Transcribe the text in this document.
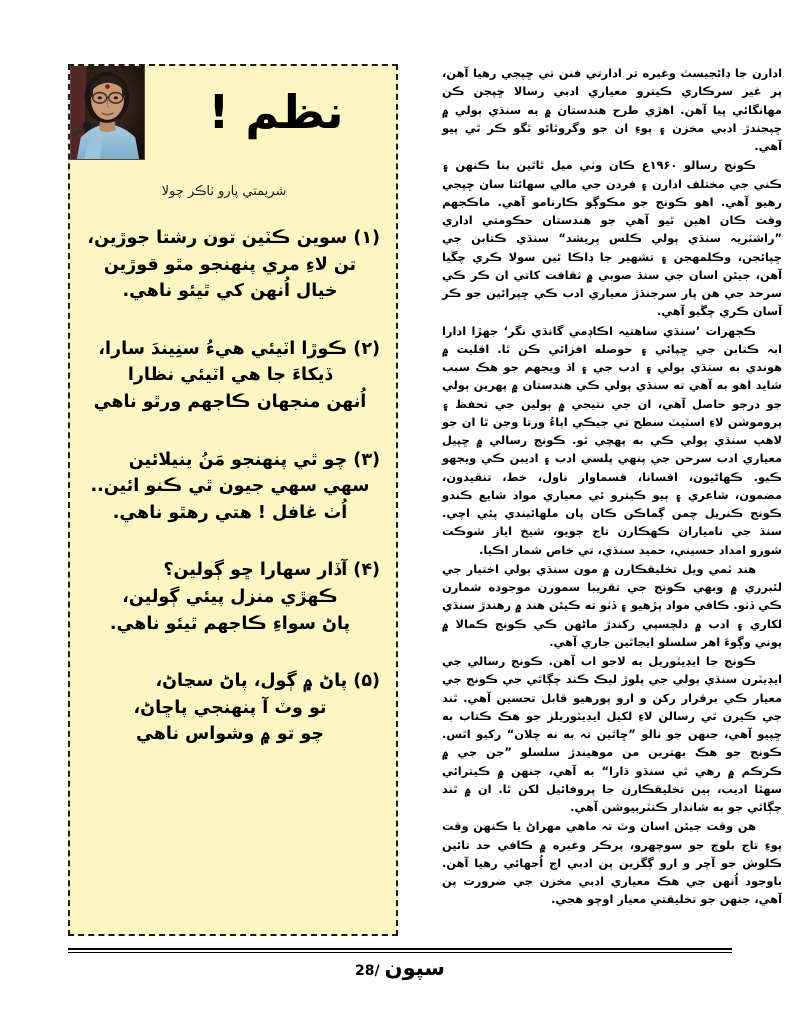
نظم !
شريمتي پارو ٺاڪر چولا
(۱) سوين ڪٽين تون رشتا جوڙين،
تن لاءِ مري پنهنجو مٿو قوڙين
خيال اُنهن کي ٿيئو ناهي.
(۲) ڪوڙا اٽيئي هيءُ سنِيندَ سارا،
ڏيکاءَ جا هي اٽيئي نظارا
اُنهن منجهان ڪاجهم ورٿو ناهي
(۳) چو ٿي پنهنجو مَنُ ينيلائين
سهي سهي جيون ٿي ڪنو ائين..
اُٺ غافل ! هتي رهٿو ناهي.
(۴) آڏار سهارا ڇو ڳولين؟
ڪهڙي منزل پيئي ڳولين،
پاڻ سواءِ ڪاجهم ٿيئو ناهي.
(۵) پاڻ ۾ ڳول، پاڻ سڃاڻ،
تو وٽ آ پنهنجي پاڇاڻ،
چو تو ۾ وشواس ناهي

ادارن جا ڊائجيسٽ وغيره تر ادارتي فنن تي ڇپجي رهيا آهن، پر غير سرڪاري ڪيترو معياري ادبي رسالا ڇپجن ڪن مهانگائي پيا آهن. اهڙي طرح هندستان ۾ به سنڌي ٻولي ۾ ڇپجندڙ ادبي مخزن ۽ پوءِ ان جو وگروٿائو ٿگو ڪر ٿي پيو آهي.

ڪونج رسالو ۱۹۶۰ع ڪان وٺي ميل ٿاٿين بنا ڪنهن ۽ ڪني جي مختلف ادارن ۽ فردن جي مالي سهائتا سان ڇپجي رهيو آهي. اهو ڪونج جو مڪوڳو ڪارنامو آهي. ماڪجهم وقت ڪان اهين ٿيو آهي جو هندستان حڪومتي اداري ”راشٽريہ سنڌي ٻولي ڪلس پريشد“ سنڌي ڪتابن جي ڇپائجن، وڪلمهجن ۽ تشهير جا ڊاڪا ٿين سولا ڪري چڱيا آهن، جيئن اسان جي سنڌ صوبي ۾ ثقافت کاتي ان ڪر ڪي سرحد جي هن پار سرجنڌڙ معياري ادب ڪي ڇپرائين جو ڪر آسان ڪري چڱيو آهي.

ڪجهرات ’سنڌي ساهتيہ اڪاڊمي گانڌي نگر‘ جهڙا ادارا ابہ ڪتابن جي ڇپائي ۽ حوصله افزائي ڪن ٿا. اقليت ۾ هوندي به سنڌي ٻولي ۽ ادب جي ۽ اڌ ويجهم جو هڪ سبب شايد اهو به آهي ته سنڌي ٻولي ڪي هندستان ۾ پهرين ٻولي جو درجو حاصل آهي، ان جي نتيجي ۾ ٻولين جي تحفظ ۽ پروموشن لاءِ اسٽيٽ سطح تي جيڪي اپاءُ ورتا وجن ٿا ان جو لاهپ سنڌي ٻولي ڪي به پهچي ٿو. ڪونج رسالي ۾ ڇپيل معياري ادب سرحن جي پنهي پلسي ادب ۽ اديبن ڪي ويجهو ڪيو. ڪهاڻيون، افسانا، قسماوار ناول، خط، تنقيدون، مضمون، شاعري ۽ ٻيو ڪيترو ئي معياري مواد شايع ڪندو ڪونج ڪنريل چمن ڳماڪن ڪان پان ملهائيندي پئي اچي. سنڌ جي نامياران ڪهڪارن تاج جويو، شيخ اياز شوڪت شورو امداد حسيني، حميد سنڌي، تي خاص شمار اڪيا.

هند ٽمي ويل تخليقڪارن ۾ مون سنڌي ٻولي اختيار جي لئبرري ۾ وبهي ڪونج جي تقريبا سمورن موجوده شمارن ڪي ڏٺو. ڪافي مواد پڙهيو ۽ ڏٺو ته ڪيئن هند ۾ رهندڙ سنڌي لکاري ۽ ادب ۾ دلچسپي رکندڙ ماڻهن ڪي ڪونج ڪمالا ۾ پوني وڳوءَ اهر سلسلو ايجاٿين جاري آهي.

ڪونج جا ايڊيٽوريل به لاجو اب آهن. ڪونج رسالي جي ايڊيٽرن سنڌي ٻولي جي پلوڙ ليڪ ڪند چڳاٿي جي ڪونج جي معيار ڪي برقرار رکن و ارو پورهيو قابل تحسين آهي. ٿند جي ڪيرن ٿي رسالن لاءِ لکيل ايڊيٽوريلز جو هڪ ڪتاب به ڇپيو آهي، جنهن جو نالو ”ڇاٿين تہ به نه چلان“ رکيو اٿس. ڪونج جو هڪ بهترين من موهيندڙ سلسلو ”جن جي ۾ ڪرڪم ۾ رهي ٿي سنڌو ڌارا“ به آهي، جنهن ۾ ڪيترائي سهٿا اديب، ٻين تخليقڪارن جا پروفائيل لکن ٿا. ان ۾ ٿند چڳاٿي جو به شاندار ڪنٽربيوشن آهي.

هن وقت جيئن اسان وٽ تہ ماهي مهراڻ يا ڪنهن وقت پوءِ تاج بلوچ جو سوچهرو، پرڪر وغيره ۾ ڪافي حد تائين ڪلوش جو آچر و ارو ڳگزين پن ادبي اڄ اُجهائي رهيا آهن. باوجود اُنهن جي هڪ معياري ادبي مخزن جي ضرورت پن آهي، جنهن جو تخليقتي معيار اوچو هجي.

سپون
28/
